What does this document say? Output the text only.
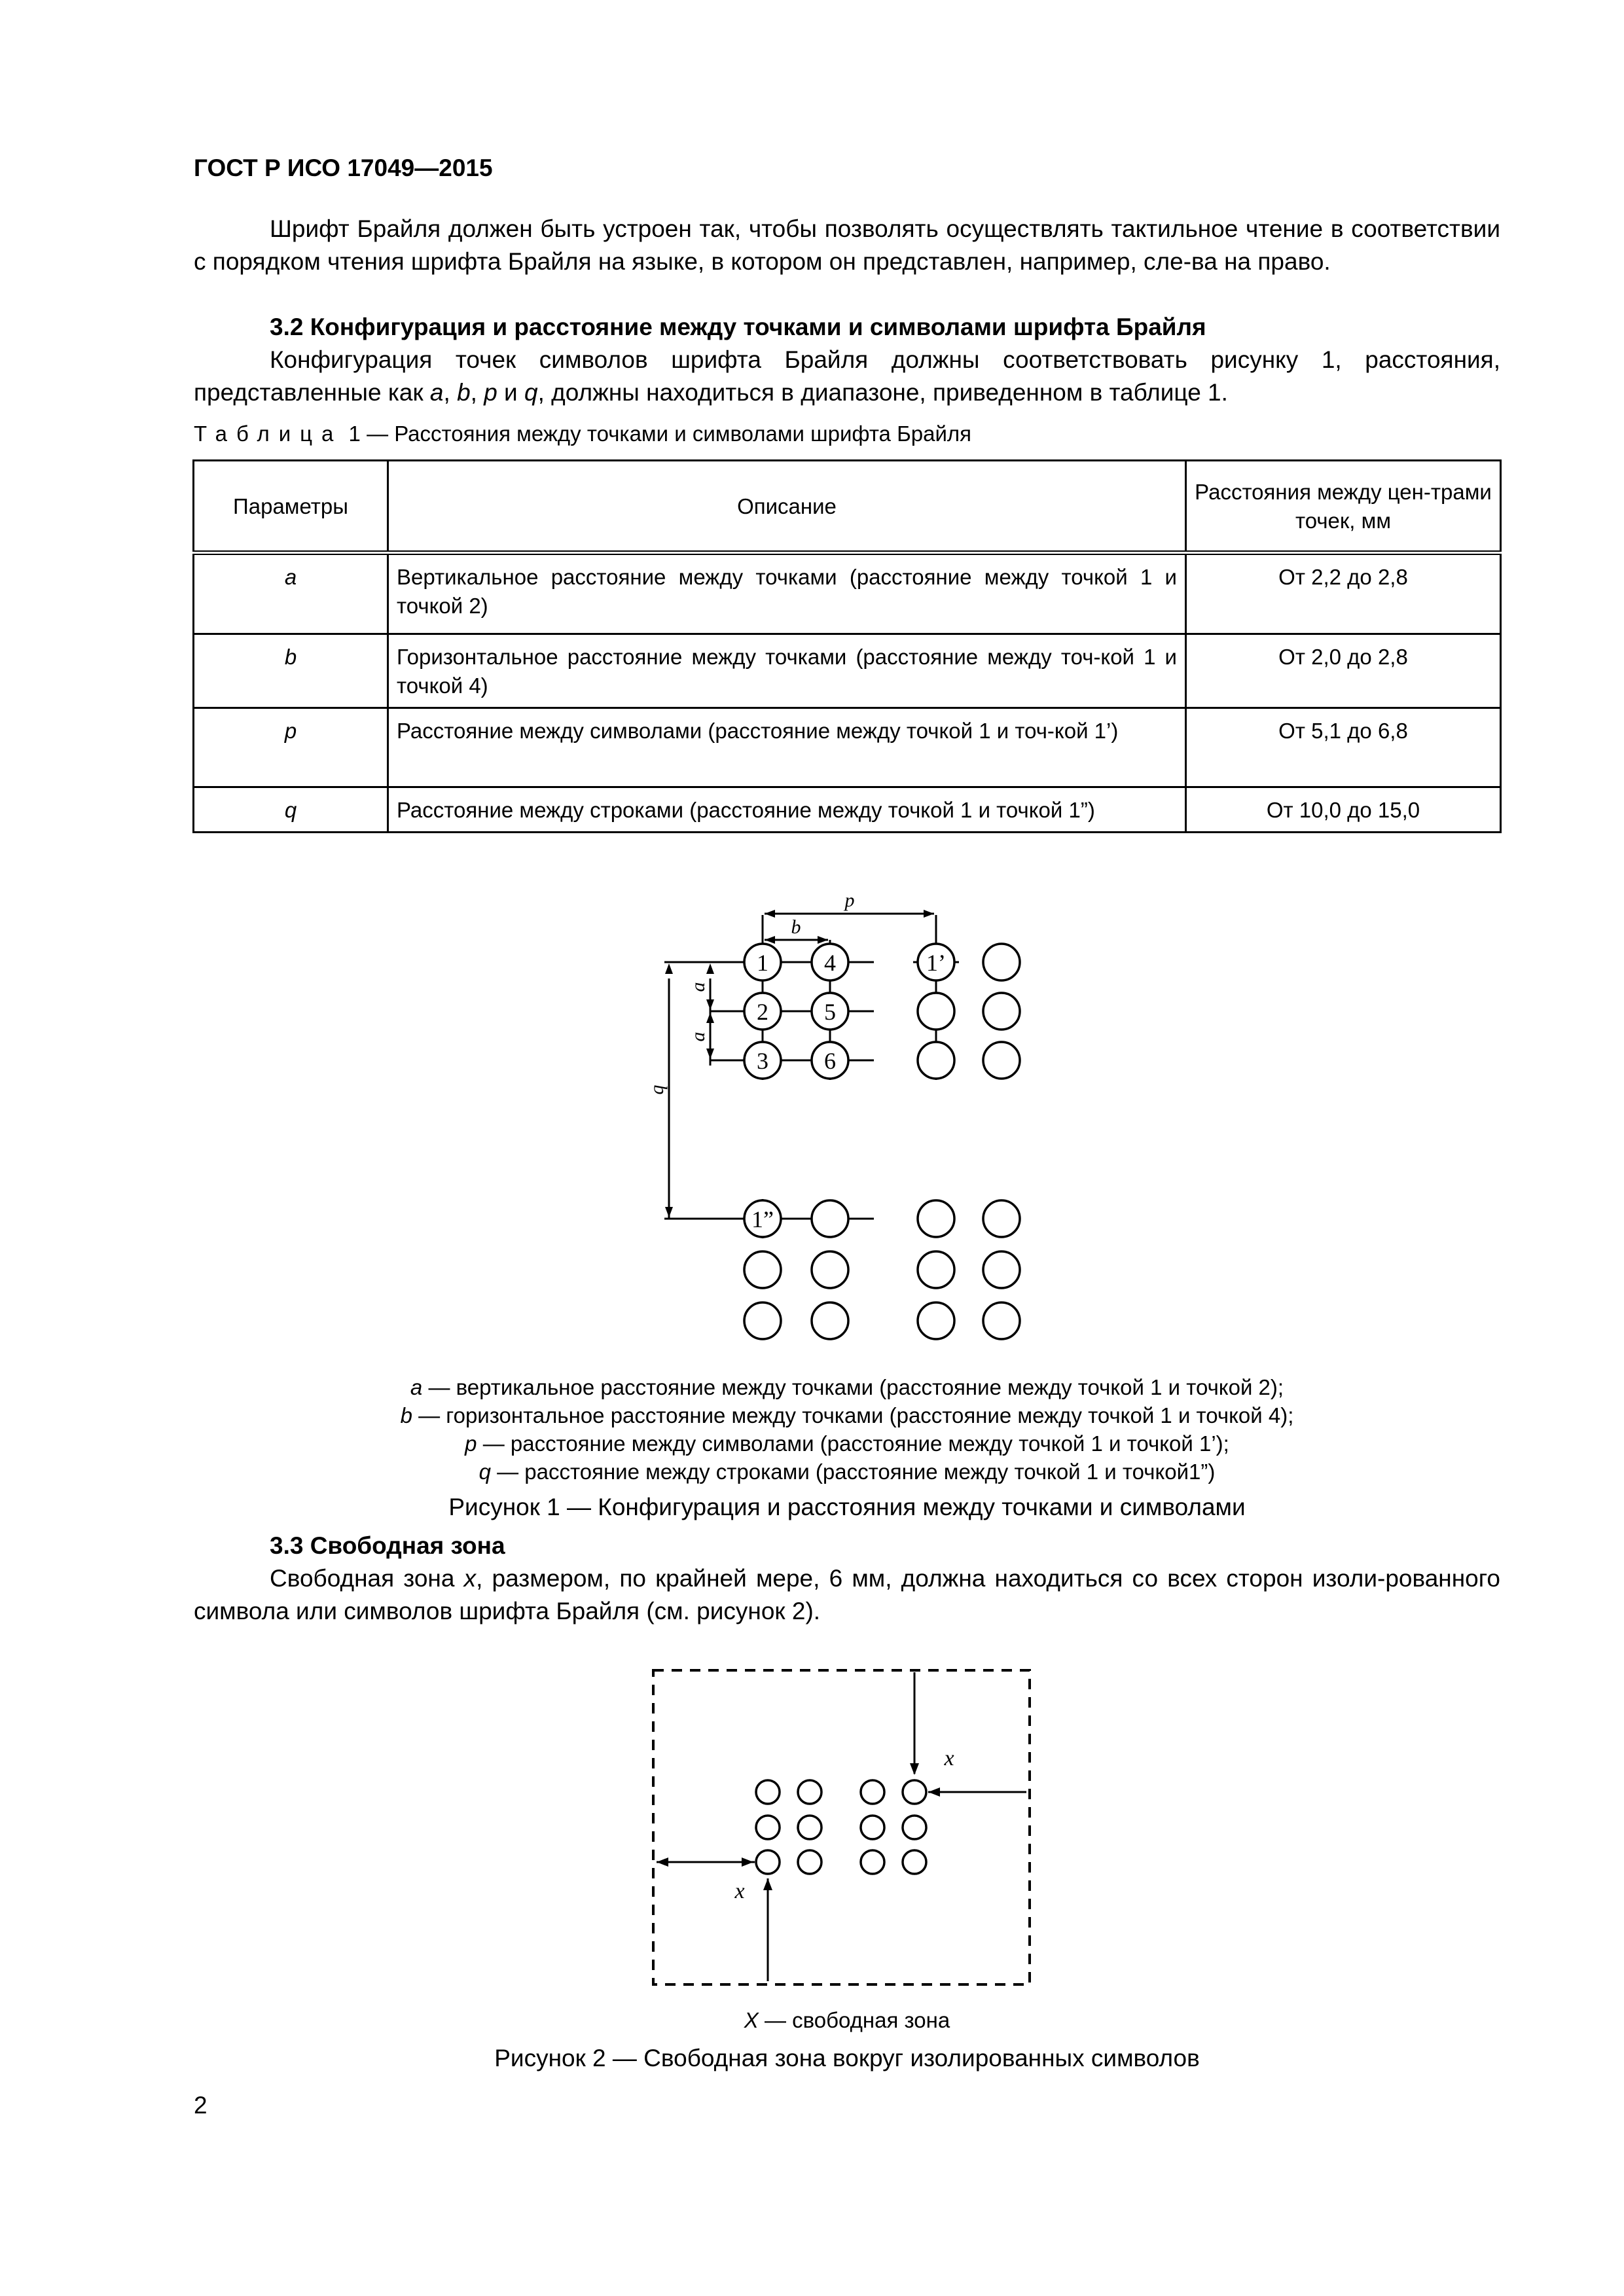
ГОСТ Р ИСО 17049—2015
Шрифт Брайля должен быть устроен так, чтобы позволять осуществлять тактильное чтение в соответствии с порядком чтения шрифта Брайля на языке, в котором он представлен, например, сле-ва на право.
3.2 Конфигурация и расстояние между точками и символами шрифта Брайля
Конфигурация точек символов шрифта Брайля должны соответствовать рисунку 1, расстояния, представленные как a, b, p и q, должны находиться в диапазоне, приведенном в таблице 1.
Таблица 1 — Расстояния между точками и символами шрифта Брайля
Параметры	Описание	Расстояния между цен-трами точек, мм
a	Вертикальное расстояние между точками (расстояние между точкой 1 и точкой 2)	От 2,2 до 2,8
b	Горизонтальное расстояние между точками (расстояние между точ-кой 1 и точкой 4)	От 2,0 до 2,8
p	Расстояние между символами (расстояние между точкой 1 и точ-кой 1’)	От 5,1 до 6,8
q	Расстояние между строками (расстояние между точкой 1 и точкой 1”)	От 10,0 до 15,0
1
2
3
4
5
6
1’
1”
p
b
a
a
q
a — вертикальное расстояние между точками (расстояние между точкой 1 и точкой 2);
b — горизонтальное расстояние между точками (расстояние между точкой 1 и точкой 4);
p — расстояние между символами (расстояние между точкой 1 и точкой 1’);
q — расстояние между строками (расстояние между точкой 1 и точкой1”)
Рисунок 1 — Конфигурация и расстояния между точками и символами
3.3 Свободная зона
Свободная зона x, размером, по крайней мере, 6 мм, должна находиться со всех сторон изоли-рованного символа или символов шрифта Брайля (см. рисунок 2).
x
x
X — свободная зона
Рисунок 2 — Свободная зона вокруг изолированных символов
2
